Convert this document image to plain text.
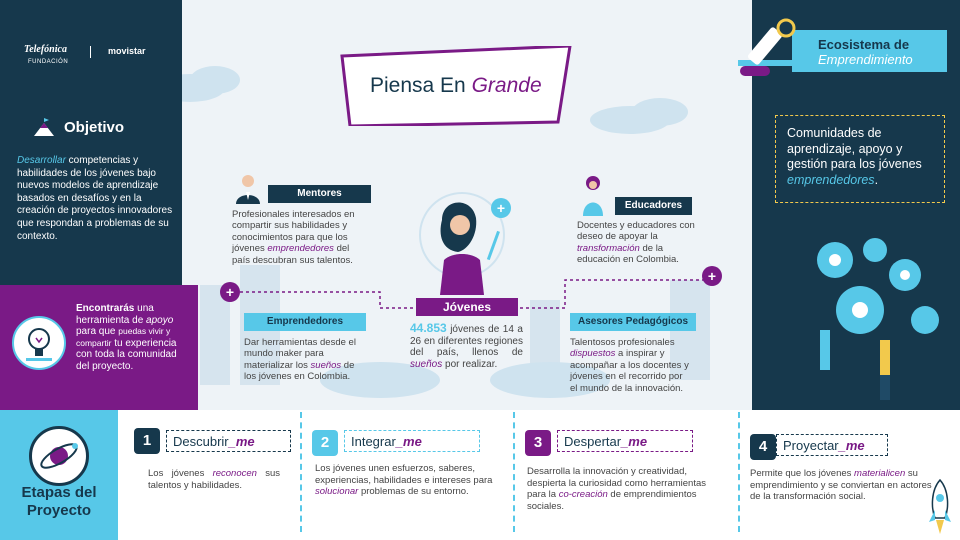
Telefónica
FUNDACIÓN
movistar
Objetivo
Desarrollar competencias y habilidades de los jóvenes bajo nuevos modelos de aprendizaje basados en desafíos y en la creación de proyectos innovadores que respondan a problemas de su contexto.
Encontrarás una herramienta de apoyo para que puedas vivir y compartir tu experiencia con toda la comunidad del proyecto.
Etapas del
Proyecto
Ecosistema de
Emprendimiento
Comunidades de aprendizaje, apoyo y gestión para los jóvenes emprendedores.
Piensa En Grande
Mentores
Profesionales interesados en compartir sus habilidades y conocimientos para que los jóvenes emprendedores del país descubran sus talentos.
Educadores
Docentes y educadores con deseo de apoyar la transformación de la educación en Colombia.
Jóvenes
44.853 jóvenes de 14 a 26 en diferentes regiones del país, llenos de sueños por realizar.
Emprendedores
Dar herramientas desde el mundo maker para materializar los sueños de los jóvenes en Colombia.
Asesores Pedagógicos
Talentosos profesionales dispuestos a inspirar y acompañar a los docentes y jóvenes en el recorrido por el mundo de la innovación.
+
+
+
1	Descubrir_me
Los jóvenes reconocen sus talentos y habilidades.
2	Integrar_me
Los jóvenes unen esfuerzos, saberes, experiencias, habilidades e intereses para solucionar problemas de su entorno.
3	Despertar_me
Desarrolla la innovación y creatividad, despierta la curiosidad como herramientas para la co-creación de emprendimientos sociales.
4	Proyectar_me
Permite que los jóvenes materialicen su emprendimiento y se conviertan en actores de la transformación social.
